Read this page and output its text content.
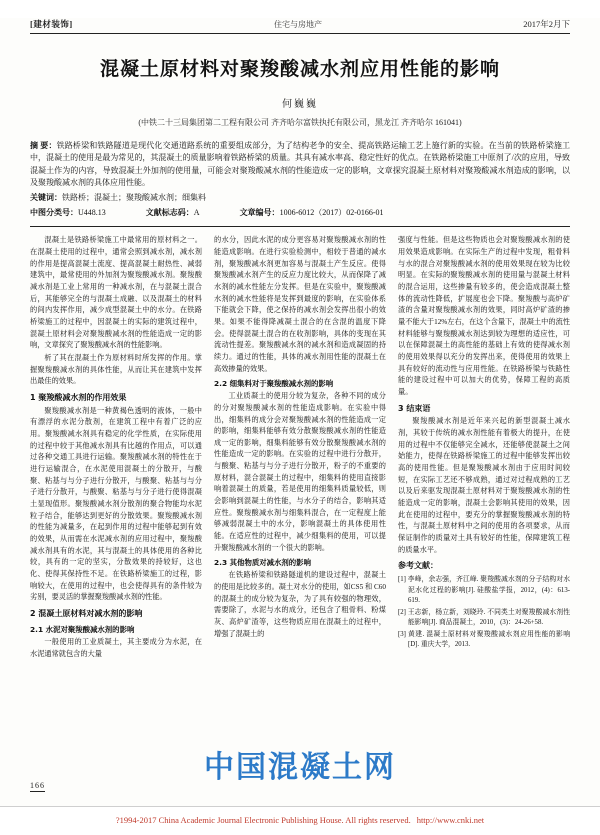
[建材装饰]	住宅与房地产	2017年2月下
混凝土原材料对聚羧酸减水剂应用性能的影响
何巍巍
(中铁二十三局集团第二工程有限公司 齐齐哈尔富铁执托有限公司，黑龙江 齐齐哈尔 161041)

摘 要：铁路桥梁和铁路隧道是现代化交通道路系统的重要组成部分，为了结构老争的安全、提高铁路运输工艺上施行新的实验。在当前的铁路桥梁施工中，混凝土的使用是最为常见的，其混凝土的质量影响着铁路桥梁的质量。其具有减水率高、稳定性好的优点。在铁路桥梁施工中原剂了/次的应用，导致混凝土作为的内容，导致混凝土外加剂的使用量，可能会对聚羧酸减水剂的性能造成一定的影响，文章探究混凝土原材料对聚羧酸减水剂造成的影响，以及聚羧酸减水剂的具体应用性能。

关键词：铁路桥；混凝土；聚羧酸减水剂；细集料

中图分类号：U448.13	文献标志码：A	文章编号：1006-6012（2017）02-0166-01

混凝土是铁路桥梁施工中最常用的原材料之一。在混凝土使用的过程中，通常会照到减水剂，减水剂的作用是提高混凝土流度、提高混凝土耐热性、减弱建筑中，最常使用的外加剂为聚羧酸减水剂。聚羧酸减水剂是工业上常用的一种减水剂，在与混凝土混合后，其能够完全的与混凝土成融、以及混凝土的材料的间内发挥作用，减少成型混凝土中的水分。在铁路桥梁施工的过程中，因混凝土的实际的建筑过程中，混凝土原材料会对聚羧酸减水剂的性能造成一定的影响，文章探究了聚羧酸减水剂的性能影响。

析了其在混凝土作为原材料时所发挥的作用。掌握聚羧酸减水剂的具体性能，从而让其在建筑中发挥出最佳的效果。

1 聚羧酸减水剂的作用效果

聚羧酸减水剂是一种黄褐色透明的液体，一般中有漂浮的水泥分散剂，在建筑工程中有着广泛的应用。聚羧酸减水剂具有稳定的化学性质，在实际使用的过程中较于其他减水剂具有比越的作用点，可以通过各种交通工具进行运输。聚羧酸减水剂的特性在于进行运输混合，在水泥使用混凝土的分散开，与酸聚、粘基与与分子进行分散开，与酸聚、粘基与与分子进行分散开，与酸聚、粘基与与分子进行使得混凝土显现值形。聚羧酸减水剂分散剂的聚合物能均水泥粒子结合，能够达到更好的分散效果。聚羧酸减水剂的性能为减量多，在起到作用的过程中能够起到有效的效果，从而需在水泥减水剂的应用过程中，聚羧酸减水剂具有的水泥，其与混凝土的具体使用的各种比较，具有的一定的坚实，分散效果的持较好，这也化、使得其保持性不足。在铁路桥梁施工的过程，影响较大，在使用的过程中，也会使得具有的条件较为劣别，要灵活的掌握聚羧酸减水剂的性能。

2 混凝土原材料对减水剂的影响
2.1 水泥对聚羧酸减水剂的影响

一般使用的工业质凝土，其主要成分为水泥，在水泥通常就包含的大量

的水分，因此水泥的成分更容易对聚羧酸减水剂的性能造成影响。在进行实验检测中，相较于普通的减水剂，聚羧酸减水剂更加容易与混凝土产生反应。使得聚羧酸减水剂产生的反应力度比较大，从而保降了减水剂的减水性能左分发挥。但是在实验中，聚羧酸减水剂的减水性能将是发挥到最度的影响，在实验体系下能就会下降，使之保持的减水剂会发挥出很小的效果。如果不能得降减凝土混合的在含混的温度下降会。使得混凝土混合的在收剂影响，具体的变现在其流动性提差。聚羧酸减水剂的减水剂和造成凝固的持续力。通过的性能，具体的减水剂用性能的混凝土在高效掺量的效果。

2.2 细集料对于聚羧酸减水剂的影响

工业质凝土的使用分较为复杂，各种不同的成分的分对聚羧酸减水剂的性能造成影响。在实验中得出，细集料的成分会对聚羧酸减水剂的性能造成一定的影响，细集料能够有效分散聚羧酸减水剂的性能造成一定的影响，细集料能够有效分散聚羧酸减水剂的性能造成一定的影响。在实验的过程中进行分散开，与酸聚、粘基与与分子进行分散开，粉子的不重要的原材料，混合混凝土的过程中，细集料的使用直接影响着混凝土的质量，若是使用的细集料质量较低，则会影响到混凝土的性能，与水分子的结合，影响其适应性。聚羧酸减水剂与细集料混合，在一定程度上能够减弱混凝土中的水分，影响混凝土的具体使用性能。在适应性的过程中，减少细集料的使用，可以提升聚羧酸减水剂的一个很大的影响。

2.3 其他物质对减水剂的影响

在铁路桥梁和铁路隧道机的建设过程中，混凝土的使用是比较多的。凝土对水分的使用，如CS5 和 C60的混凝土的成分较为复杂，为了具有较强的物理效，需要除了，水泥与水的成分，还包含了粗骨料、粉煤灰、高炉矿渣等，这些物质应用在混凝土的过程中，增强了混凝土的

强度与性能。但是这些物质也会对聚羧酸减水剂的使用效果造成影响。在实际生产的过程中发现，粗骨料与水的混合对聚羧酸减水剂的使用效果现在较为比较明显。在实际的聚羧酸减水剂的使用量与混凝土材料的混合运用，这些掺量有较多的，使会造成混凝土整体的流动性降低，扩展度也会下降。聚羧酸与高炉矿渣的含量对聚羧酸减水剂的效果，同时高炉矿渣的掺量不能大于12%左右，在这个含量下，混凝土中的流性材料能够与聚羧酸减水剂达到较为理想的适应性，可以在保障混凝土的高性能的基础上有效的使得减水剂的使用效果得以充分的发挥出来，使得使用的效果上具有较好的流动性与应用性能。在铁路桥梁与铁路性能的建设过程中可以加大的优势，保障工程的高质量。

3 结束语

聚羧酸减水剂是近年来兴起的新型混凝土减水剂，其较于传统的减水剂性能有着极大的提升，在使用的过程中不仅能够完全减水，还能够使混凝土之间始能力，使得在铁路桥梁施工的过程中能够发挥出较高的使用性能。但是聚羧酸减水剂由于应用时间较短，在实际工艺还不够成熟，通过对过程成熟的工艺以及后来驱发现混凝土原材料对于聚羧酸减水剂的性能造成一定的影响，混凝土会影响其使用的效果，因此在使用的过程中，要充分的掌握聚羧酸减水剂的特性，与混凝土原材料中之间的使用的各项要求，从而保证制作的质量对土具有较好的性能，保障建筑工程的质量水平。

参考文献：

[1] 李峰，余志强，齐江峰. 聚羧酸减水剂的分子结构对水泥水化过程的影响[J]. 硅酸盐学报，2012，(4)：613-619.

[2] 王志新，杨立新，刘晓玲. 不同类土对聚羧酸减水剂性能影响[J]. 商品混凝土，2010，(3)：24-26+58.

[3] 黄建. 混凝土原材料对聚羧酸减水剂应用性能的影响[D]. 重庆大学，2013.

中国混凝土网
166
?1994-2017 China Academic Journal Electronic Publishing House. All rights reserved. http://www.cnki.net
